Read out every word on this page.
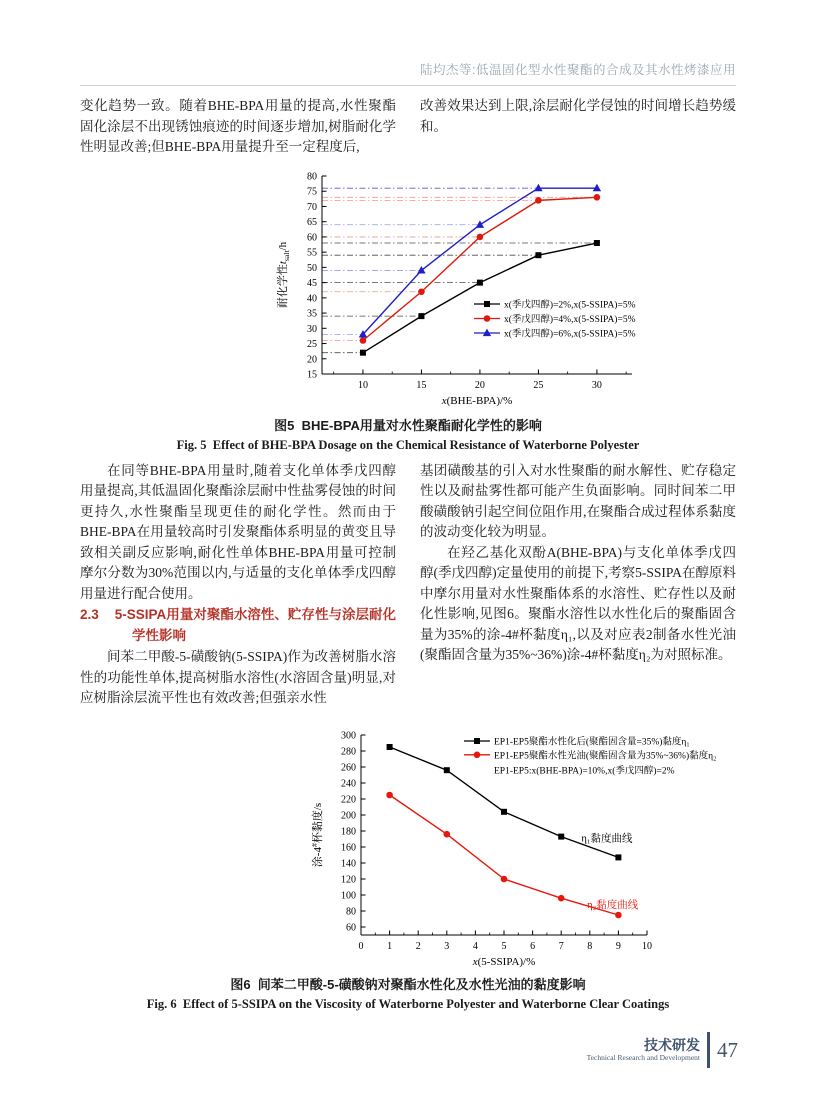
陆均杰等:低温固化型水性聚酯的合成及其水性烤漆应用

变化趋势一致。随着BHE-BPA用量的提高,水性聚酯固化涂层不出现锈蚀痕迹的时间逐步增加,树脂耐化学性明显改善;但BHE-BPA用量提升至一定程度后,

改善效果达到上限,涂层耐化学侵蚀的时间增长趋势缓和。

10	15	20	25	30
15
20
25
30
35
40
45
50
55
60
65
70
75
80
x(BHE-BPA)/%
耐化学性$t_{salt}/h$
x(季戊四醇)=2%,x(5-SSIPA)=5%
x(季戊四醇)=4%,x(5-SSIPA)=5%
x(季戊四醇)=6%,x(5-SSIPA)=5%
图5  BHE-BPA用量对水性聚酯耐化学性的影响
Fig. 5  Effect of BHE-BPA Dosage on the Chemical Resistance of Waterborne Polyester

在同等BHE-BPA用量时,随着支化单体季戊四醇用量提高,其低温固化聚酯涂层耐中性盐雾侵蚀的时间更持久,水性聚酯呈现更佳的耐化学性。然而由于BHE-BPA在用量较高时引发聚酯体系明显的黄变且导致相关副反应影响,耐化性单体BHE-BPA用量可控制摩尔分数为30%范围以内,与适量的支化单体季戊四醇用量进行配合使用。

2.3 5-SSIPA用量对聚酯水溶性、贮存性与涂层耐化学性影响

间苯二甲酸-5-磺酸钠(5-SSIPA)作为改善树脂水溶性的功能性单体,提高树脂水溶性(水溶固含量)明显,对应树脂涂层流平性也有效改善;但强亲水性

基团磺酸基的引入对水性聚酯的耐水解性、贮存稳定性以及耐盐雾性都可能产生负面影响。同时间苯二甲酸磺酸钠引起空间位阻作用,在聚酯合成过程体系黏度的波动变化较为明显。

在羟乙基化双酚A(BHE-BPA)与支化单体季戊四醇(季戊四醇)定量使用的前提下,考察5-SSIPA在醇原料中摩尔用量对水性聚酯体系的水溶性、贮存性以及耐化性影响,见图6。聚酯水溶性以水性化后的聚酯固含量为35%的涂-4#杯黏度η₁,以及对应表2制备水性光油(聚酯固含量为35%~36%)涂-4#杯黏度η₂为对照标准。

0 1 2 3 4 5 6 7 8 9 10
60
80
100
120
140
160
180
200
220
240
260
280
300
x(5-SSIPA)/%
涂-4#杯黏度/s
EP1-EP5聚酯水性化后(聚酯固含量=35%)黏度η₁
EP1-EP5聚酯水性光油(聚酯固含量为35%~36%)黏度η₂
EP1-EP5:x(BHE-BPA)=10%,x(季戊四醇)=2%
η₁黏度曲线
η₂黏度曲线
图6  间苯二甲酸-5-磺酸钠对聚酯水性化及水性光油的黏度影响
Fig. 6  Effect of 5-SSIPA on the Viscosity of Waterborne Polyester and Waterborne Clear Coatings
技术研发
Technical Research and Development 47
